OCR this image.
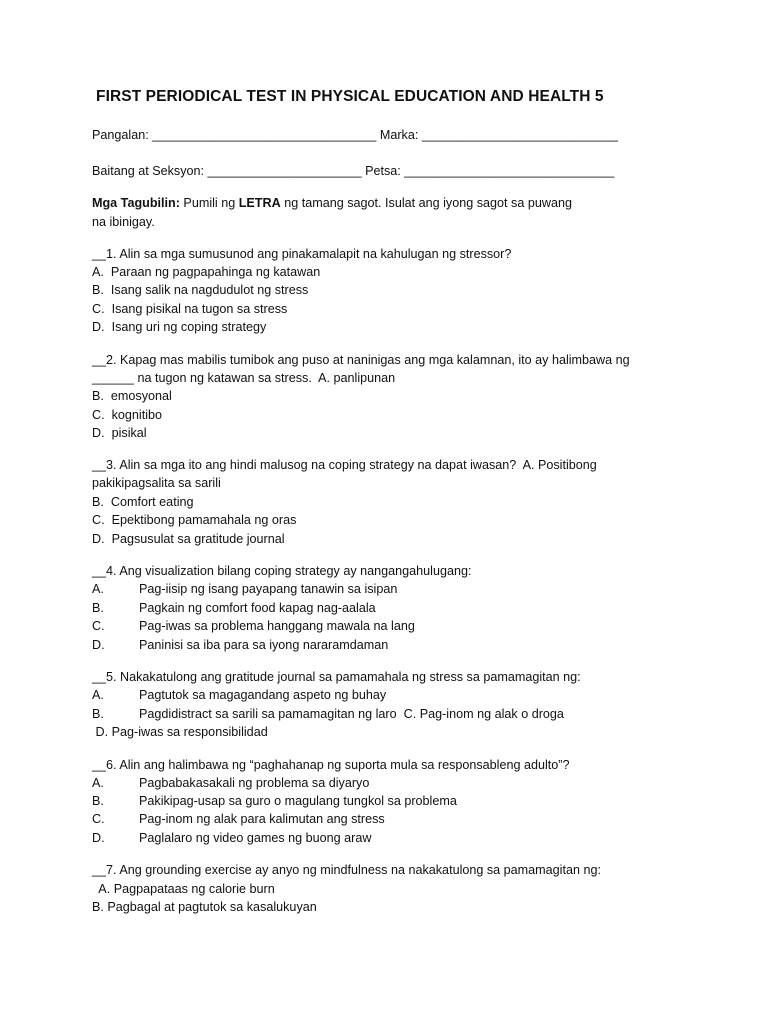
FIRST PERIODICAL TEST IN PHYSICAL EDUCATION AND HEALTH 5
Pangalan: ________________________________ Marka: ____________________________
Baitang at Seksyon: ______________________ Petsa: ______________________________
Mga Tagubilin: Pumili ng LETRA ng tamang sagot. Isulat ang iyong sagot sa puwang
na ibinigay.
__1. Alin sa mga sumusunod ang pinakamalapit na kahulugan ng stressor?
A.  Paraan ng pagpapahinga ng katawan
B.  Isang salik na nagdudulot ng stress
C.  Isang pisikal na tugon sa stress
D.  Isang uri ng coping strategy
__2. Kapag mas mabilis tumibok ang puso at naninigas ang mga kalamnan, ito ay halimbawa ng
______ na tugon ng katawan sa stress.  A. panlipunan
B.  emosyonal
C.  kognitibo
D.  pisikal
__3. Alin sa mga ito ang hindi malusog na coping strategy na dapat iwasan?  A. Positibong
pakikipagsalita sa sarili
B.  Comfort eating
C.  Epektibong pamamahala ng oras
D.  Pagsusulat sa gratitude journal
__4. Ang visualization bilang coping strategy ay nangangahulugang:
A.	Pag-iisip ng isang payapang tanawin sa isipan
B.	Pagkain ng comfort food kapag nag-aalala
C.	Pag-iwas sa problema hanggang mawala na lang
D.	Paninisi sa iba para sa iyong nararamdaman
__5. Nakakatulong ang gratitude journal sa pamamahala ng stress sa pamamagitan ng:
A.	Pagtutok sa magagandang aspeto ng buhay
B.	Pagdidistract sa sarili sa pamamagitan ng laro  C. Pag-inom ng alak o droga
D. Pag-iwas sa responsibilidad
__6. Alin ang halimbawa ng “paghahanap ng suporta mula sa responsableng adulto”?
A.	Pagbabakasakali ng problema sa diyaryo
B.	Pakikipag-usap sa guro o magulang tungkol sa problema
C.	Pag-inom ng alak para kalimutan ang stress
D.	Paglalaro ng video games ng buong araw
__7. Ang grounding exercise ay anyo ng mindfulness na nakakatulong sa pamamagitan ng:
A. Pagpapataas ng calorie burn
B. Pagbagal at pagtutok sa kasalukuyan
